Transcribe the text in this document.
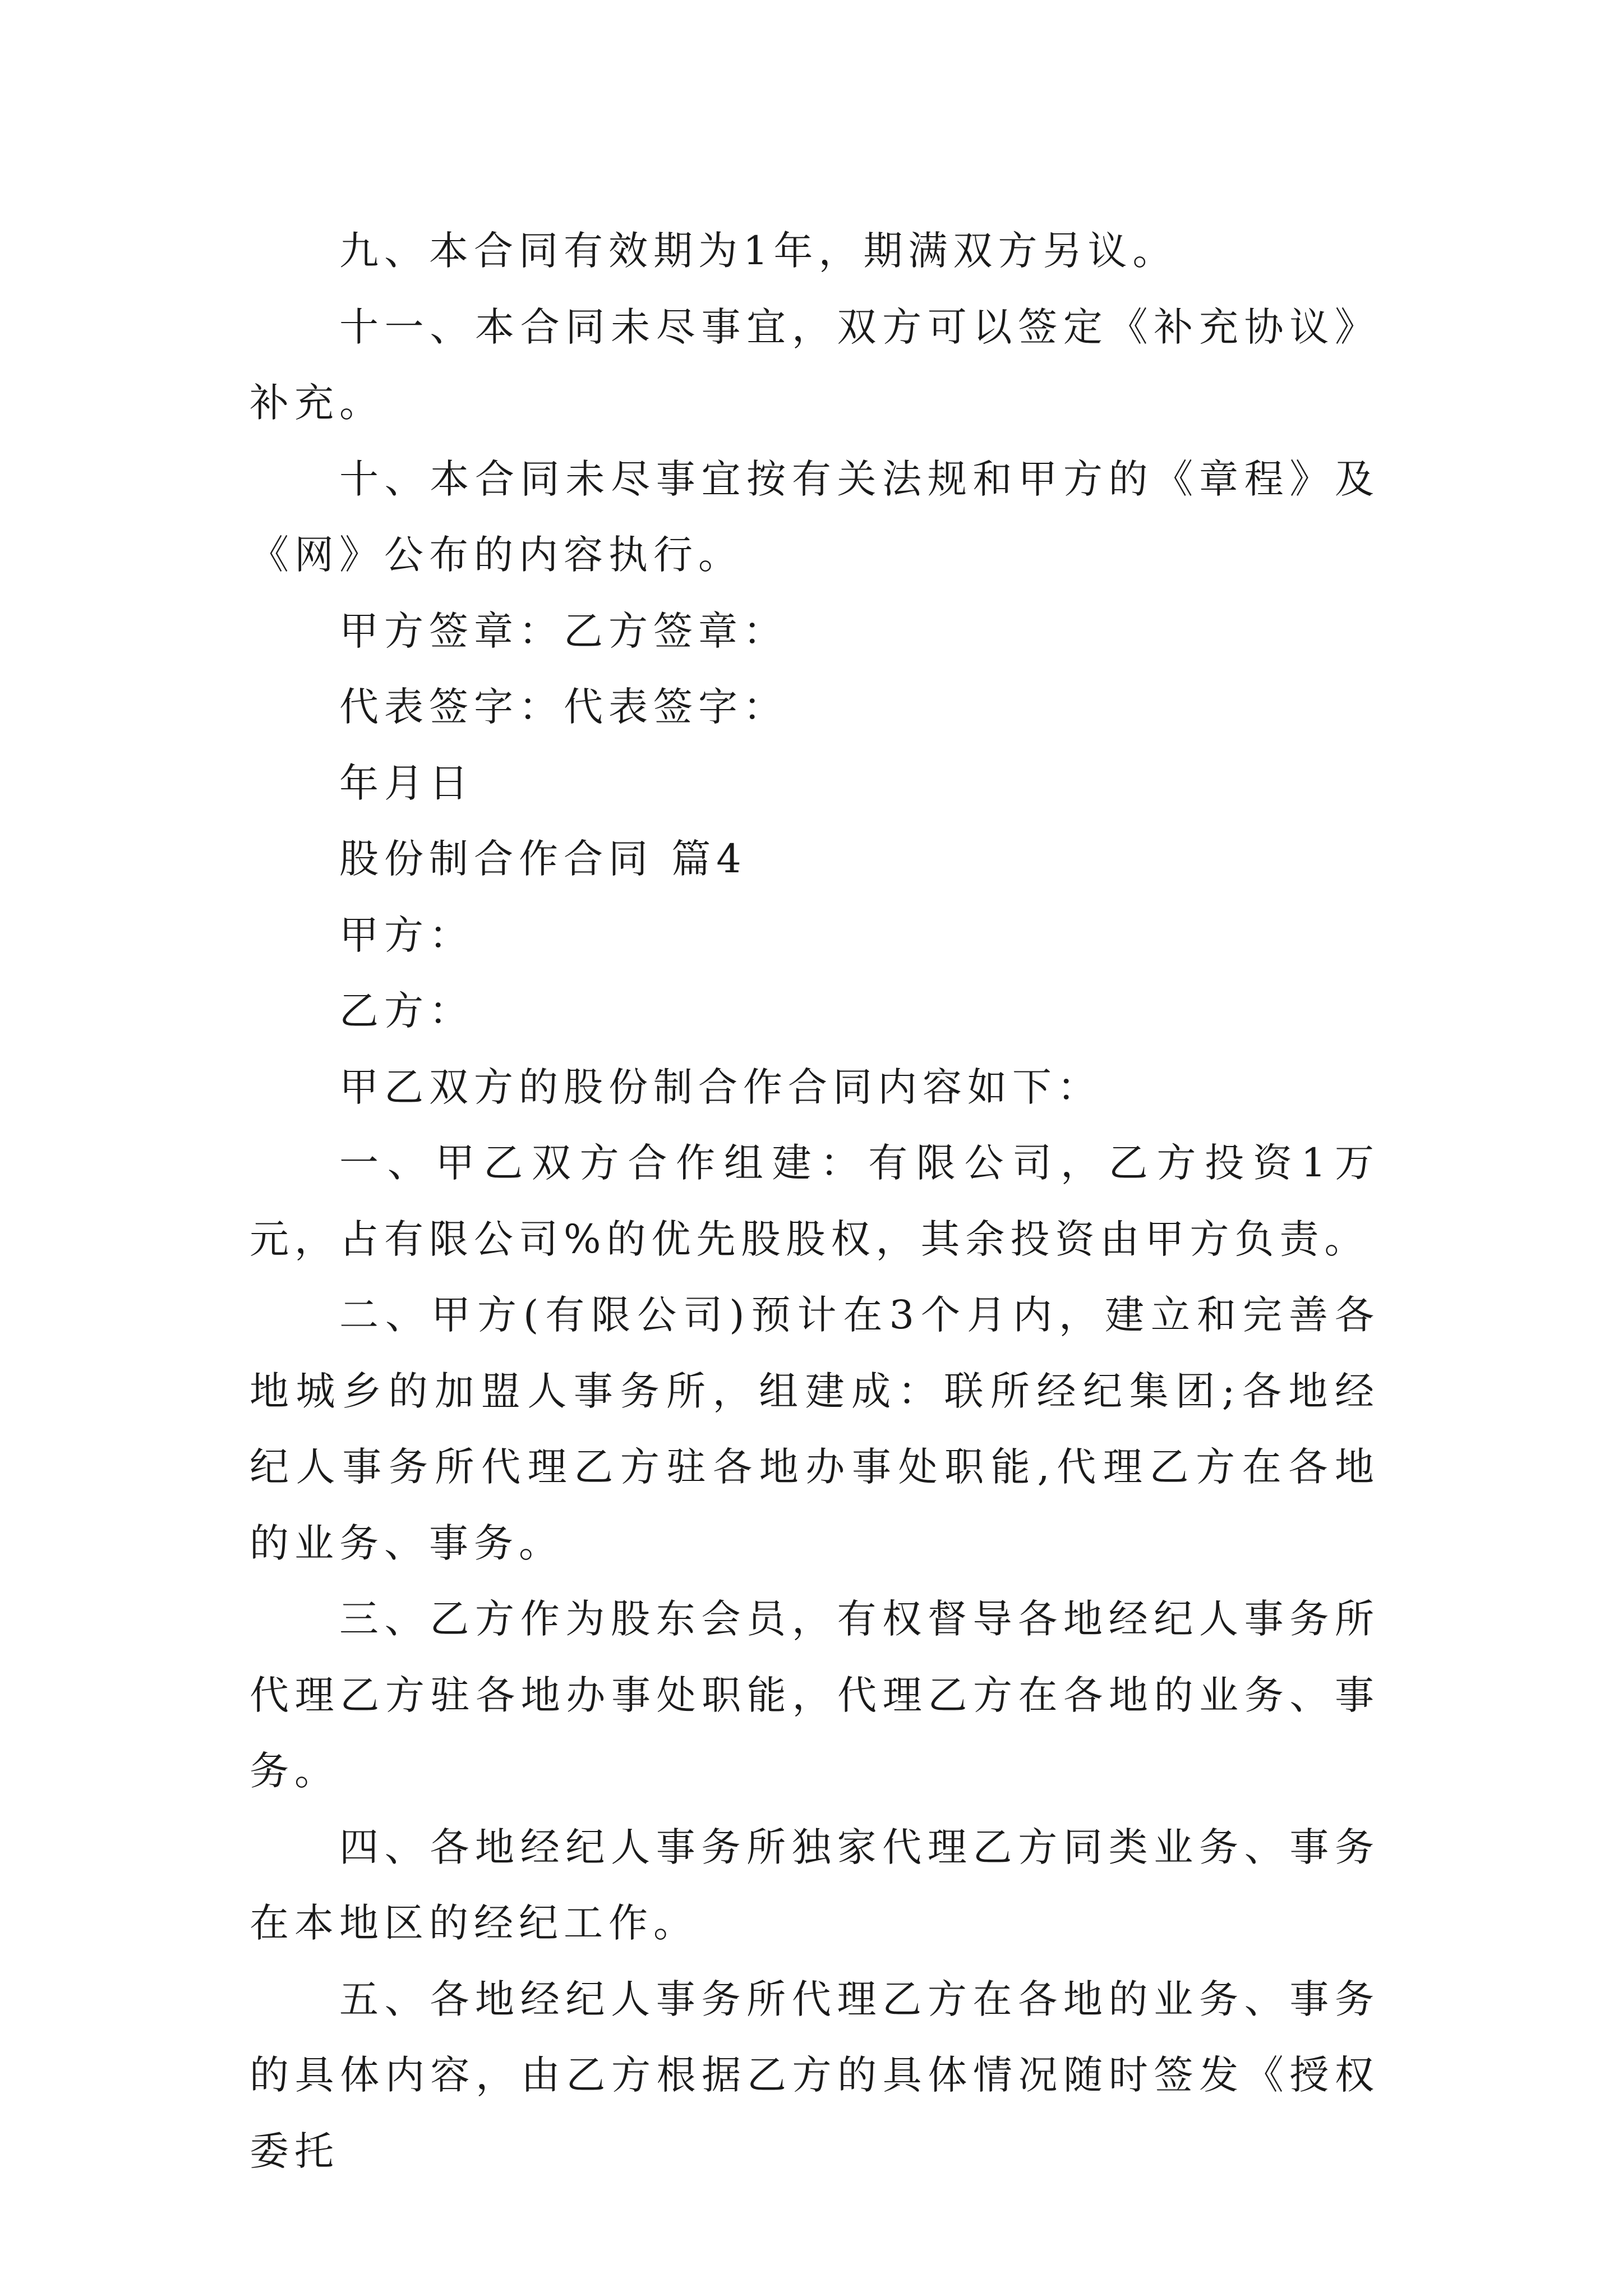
九、本合同有效期为1年，期满双方另议。

十一、本合同未尽事宜，双方可以签定《补充协议》补充。

十、本合同未尽事宜按有关法规和甲方的《章程》及《网》公布的内容执行。

甲方签章：乙方签章：

代表签字：代表签字：

年月日

股份制合作合同 篇4

甲方：

乙方：

甲乙双方的股份制合作合同内容如下：

一、甲乙双方合作组建：有限公司，乙方投资1万元，占有限公司%的优先股股权，其余投资由甲方负责。

二、甲方(有限公司)预计在3个月内，建立和完善各地城乡的加盟人事务所，组建成：联所经纪集团;各地经纪人事务所代理乙方驻各地办事处职能,代理乙方在各地的业务、事务。

三、乙方作为股东会员，有权督导各地经纪人事务所代理乙方驻各地办事处职能，代理乙方在各地的业务、事务。

四、各地经纪人事务所独家代理乙方同类业务、事务在本地区的经纪工作。

五、各地经纪人事务所代理乙方在各地的业务、事务的具体内容，由乙方根据乙方的具体情况随时签发《授权委托
